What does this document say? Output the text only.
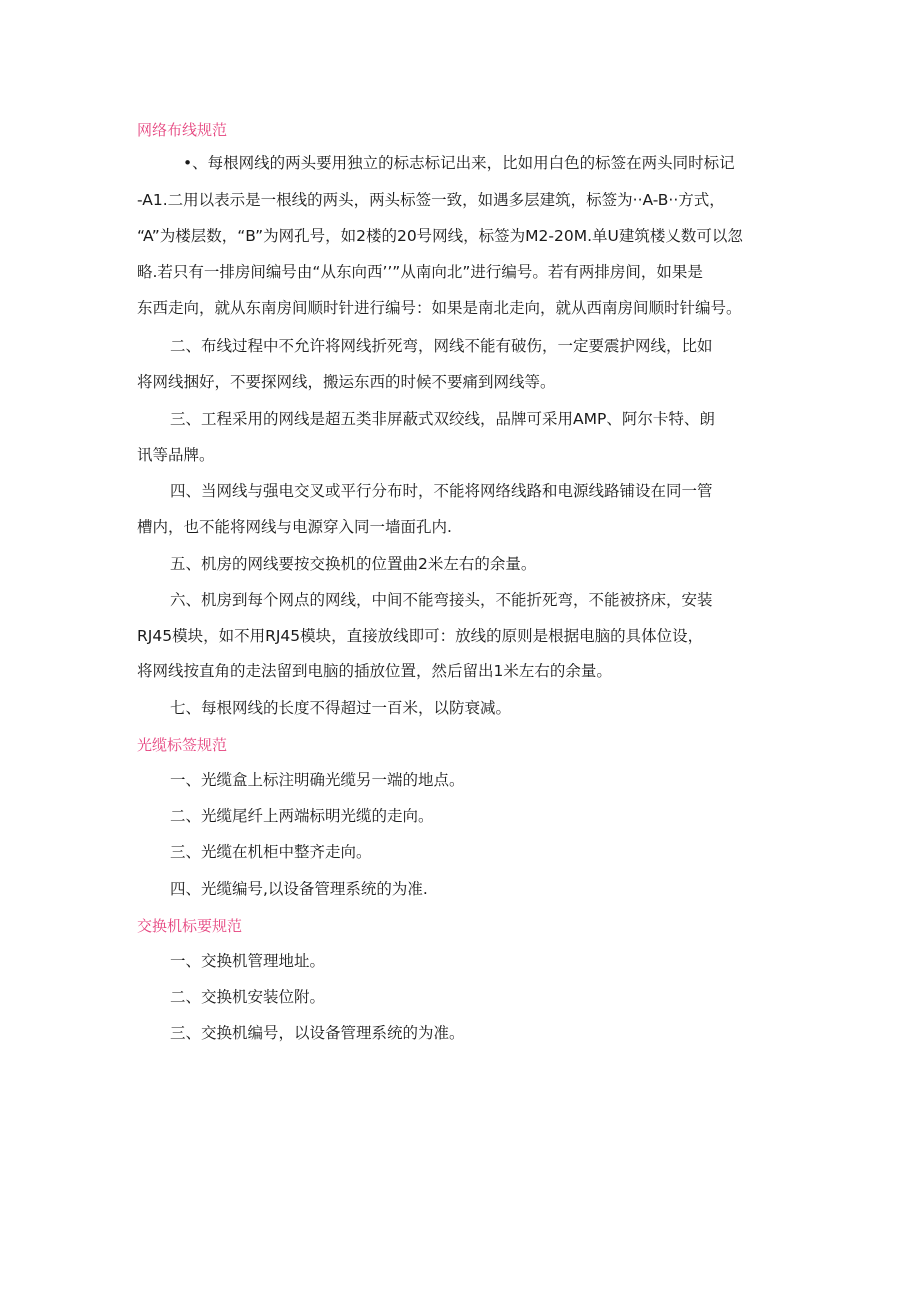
网络布线规范
•、每根网线的两头要用独立的标志标记出来，比如用白色的标签在两头同时标记
-A1.二用以表示是一根线的两头，两头标签一致，如遇多层建筑，标签为··A-B··方式，
“A”为楼层数，“B”为网孔号，如2楼的20号网线，标签为M2-20M.单U建筑楼乂数可以忽
略.若只有一排房间编号由“从东向西’’”从南向北”进行编号。若有两排房间，如果是
东西走向，就从东南房间顺时针进行编号：如果是南北走向，就从西南房间顺时针编号。
二、布线过程中不允许将网线折死弯，网线不能有破伤，一定要震护网线，比如
将网线捆好，不要探网线，搬运东西的时候不要痛到网线等。
三、工程采用的网线是超五类非屏蔽式双绞线，品牌可采用AMP、阿尔卡特、朗
讯等品牌。
四、当网线与强电交叉或平行分布时，不能将网络线路和电源线路铺设在同一管
槽内，也不能将网线与电源穿入同一墙面孔内.
五、机房的网线要按交换机的位置曲2米左右的余量。
六、机房到每个网点的网线，中间不能弯接头，不能折死弯，不能被挤床，安装
RJ45模块，如不用RJ45模块，直接放线即可：放线的原则是根据电脑的具体位设，
将网线按直角的走法留到电脑的插放位置，然后留出1米左右的余量。
七、每根网线的长度不得超过一百米，以防衰减。
光缆标签规范
一、光缆盒上标注明确光缆另一端的地点。
二、光缆尾纤上两端标明光缆的走向。
三、光缆在机柜中整齐走向。
四、光缆编号,以设备管理系统的为准.
交换机标要规范
一、交换机管理地址。
二、交换机安装位附。
三、交换机编号，以设备管理系统的为准。
